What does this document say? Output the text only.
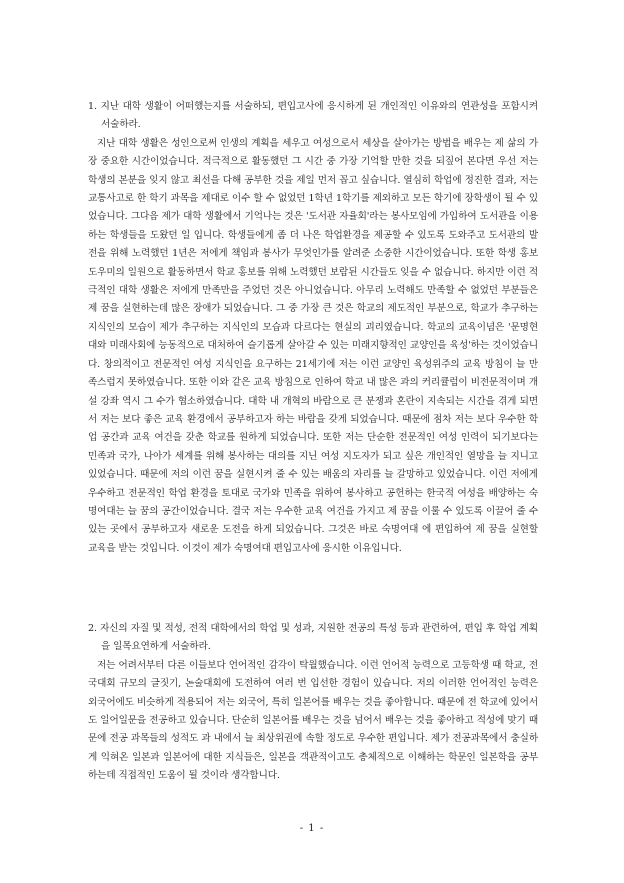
1. 지난 대학 생활이 어떠했는지를 서술하되, 편입고사에 응시하게 된 개인적인 이유와의 연관성을 포함시켜 서술하라.
지난 대학 생활은 성인으로써 인생의 계획을 세우고 여성으로서 세상을 살아가는 방법을 배우는 제 삶의 가장 중요한 시간이었습니다. 적극적으로 활동했던 그 시간 중 가장 기억할 만한 것을 되짚어 본다면 우선 저는 학생의 본분을 잊지 않고 최선을 다해 공부한 것을 제일 먼저 꼽고 싶습니다. 열심히 학업에 정진한 결과, 저는 교통사고로 한 학기 과목을 제대로 이수 할 수 없었던 1학년 1학기를 제외하고 모든 학기에 장학생이 될 수 있었습니다. 그다음 제가 대학 생활에서 기억나는 것은 '도서관 자율회'라는 봉사모임에 가입하여 도서관을 이용하는 학생들을 도왔던 일 입니다. 학생들에게 좀 더 나은 학업환경을 제공할 수 있도록 도와주고 도서관의 발전을 위해 노력했던 1년은 저에게 책임과 봉사가 무엇인가를 알려준 소중한 시간이었습니다. 또한 학생 홍보 도우미의 일원으로 활동하면서 학교 홍보를 위해 노력했던 보람된 시간들도 잊을 수 없습니다. 하지만 이런 적극적인 대학 생활은 저에게 만족만을 주었던 것은 아니었습니다. 아무리 노력해도 만족할 수 없었던 부분들은 제 꿈을 실현하는데 많은 장애가 되었습니다. 그 중 가장 큰 것은 학교의 제도적인 부분으로, 학교가 추구하는 지식인의 모습이 제가 추구하는 지식인의 모습과 다르다는 현실의 괴리였습니다. 학교의 교육이념은 '문명현대와 미래사회에 능동적으로 대처하여 슬기롭게 살아갈 수 있는 미래지향적인 교양인을 육성'하는 것이었습니다. 창의적이고 전문적인 여성 지식인을 요구하는 21세기에 저는 이런 교양인 육성위주의 교육 방침이 늘 만족스럽지 못하였습니다. 또한 이와 같은 교육 방침으로 인하여 학교 내 많은 과의 커리큘럼이 비전문적이며 개설 강좌 역시 그 수가 협소하였습니다. 대학 내 개혁의 바람으로 큰 분쟁과 혼란이 지속되는 시간을 겪게 되면서 저는 보다 좋은 교육 환경에서 공부하고자 하는 바람을 갖게 되었습니다. 때문에 점차 저는 보다 우수한 학업 공간과 교육 여건을 갖춘 학교를 원하게 되었습니다. 또한 저는 단순한 전문적인 여성 인력이 되기보다는 민족과 국가, 나아가 세계를 위해 봉사하는 대의를 지닌 여성 지도자가 되고 싶은 개인적인 열망을 늘 지니고 있었습니다. 때문에 저의 이런 꿈을 실현시켜 줄 수 있는 배움의 자리를 늘 갈망하고 있었습니다. 이런 저에게 우수하고 전문적인 학업 환경을 토대로 국가와 민족을 위하여 봉사하고 공헌하는 한국적 여성을 배양하는 숙명여대는 늘 꿈의 공간이었습니다. 결국 저는 우수한 교육 여건을 가지고 제 꿈을 이룰 수 있도록 이끌어 줄 수 있는 곳에서 공부하고자 새로운 도전을 하게 되었습니다. 그것은 바로 숙명여대 에 편입하여 제 꿈을 실현할 교육을 받는 것입니다. 이것이 제가 숙명여대 편입고사에 응시한 이유입니다.
2. 자신의 자질 및 적성, 전적 대학에서의 학업 및 성과, 지원한 전공의 특성 등과 관련하여, 편입 후 학업 계획을 일목요연하게 서술하라.
저는 어려서부터 다른 이들보다 언어적인 감각이 탁월했습니다. 이런 언어적 능력으로 고등학생 때 학교, 전국대회 규모의 글짓기, 논술대회에 도전하여 여러 번 입선한 경험이 있습니다. 저의 이러한 언어적인 능력은 외국어에도 비슷하게 적용되어 저는 외국어, 특히 일본어를 배우는 것을 좋아합니다. 때문에 전 학교에 있어서도 일어일문을 전공하고 있습니다. 단순히 일본어를 배우는 것을 넘어서 배우는 것을 좋아하고 적성에 맞기 때문에 전공 과목들의 성적도 과 내에서 늘 최상위권에 속할 정도로 우수한 편입니다. 제가 전공과목에서 충실하게 익혀온 일본과 일본어에 대한 지식들은, 일본을 객관적이고도 총체적으로 이해하는 학문인 일본학을 공부하는데 직접적인 도움이 될 것이라 생각합니다.
- 1 -
